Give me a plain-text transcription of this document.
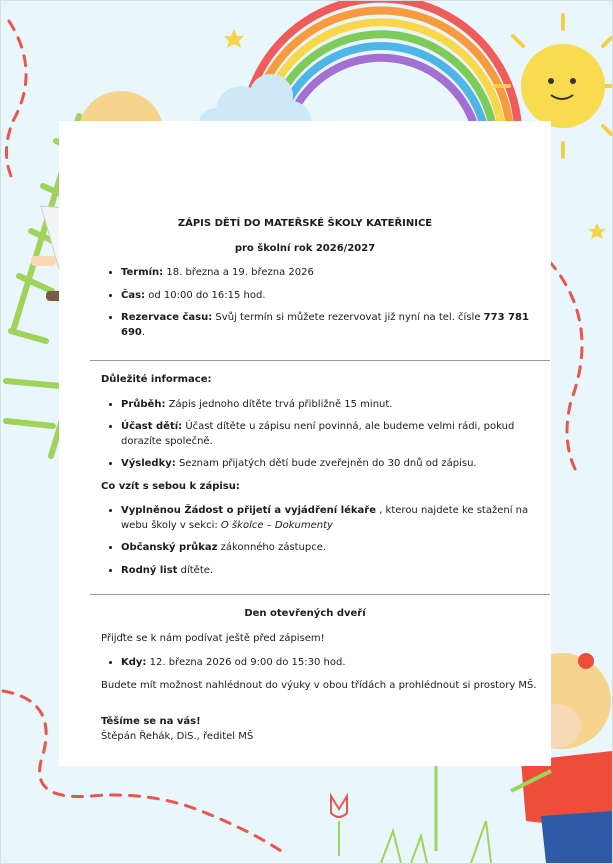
ZÁPIS DĚTÍ DO MATEŘSKÉ ŠKOLY KATEŘINICE

pro školní rok 2026/2027

• Termín: 18. března a 19. března 2026
• Čas: od 10:00 do 16:15 hod.
• Rezervace času: Svůj termín si můžete rezervovat již nyní na tel. čísle 773 781 690.

Důležité informace:

• Průběh: Zápis jednoho dítěte trvá přibližně 15 minut.
• Účast dětí: Účast dítěte u zápisu není povinná, ale budeme velmi rádi, pokud dorazíte společně.
• Výsledky: Seznam přijatých dětí bude zveřejněn do 30 dnů od zápisu.

Co vzít s sebou k zápisu:

• Vyplněnou Žádost o přijetí a vyjádření lékaře , kterou najdete ke stažení na webu školy v sekci: O školce – Dokumenty
• Občanský průkaz zákonného zástupce.
• Rodný list dítěte.

Den otevřených dveří

Přijďte se k nám podívat ještě před zápisem!

• Kdy: 12. března 2026 od 9:00 do 15:30 hod.

Budete mít možnost nahlédnout do výuky v obou třídách a prohlédnout si prostory MŠ.

Těšíme se na vás!

Štěpán Řehák, DiS., ředitel MŠ
